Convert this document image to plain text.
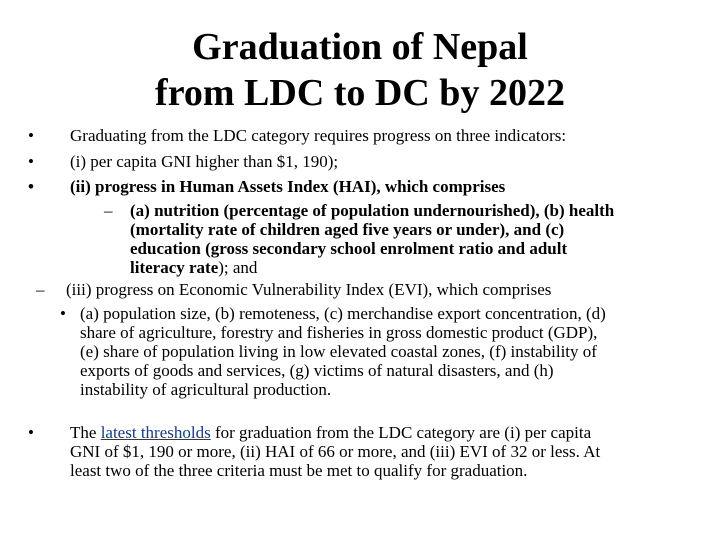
Graduation of Nepal
from LDC to DC by 2022
• Graduating from the LDC category requires progress on three indicators:
• (i) per capita GNI higher than $1, 190);
• (ii) progress in Human Assets Index (HAI), which comprises
– (a) nutrition (percentage of population undernourished), (b) health
(mortality rate of children aged five years or under), and (c)
education (gross secondary school enrolment ratio and adult
literacy rate); and
– (iii) progress on Economic Vulnerability Index (EVI), which comprises
• (a) population size, (b) remoteness, (c) merchandise export concentration, (d)
share of agriculture, forestry and fisheries in gross domestic product (GDP),
(e) share of population living in low elevated coastal zones, (f) instability of
exports of goods and services, (g) victims of natural disasters, and (h)
instability of agricultural production.
• The latest thresholds for graduation from the LDC category are (i) per capita
GNI of $1, 190 or more, (ii) HAI of 66 or more, and (iii) EVI of 32 or less. At
least two of the three criteria must be met to qualify for graduation.
